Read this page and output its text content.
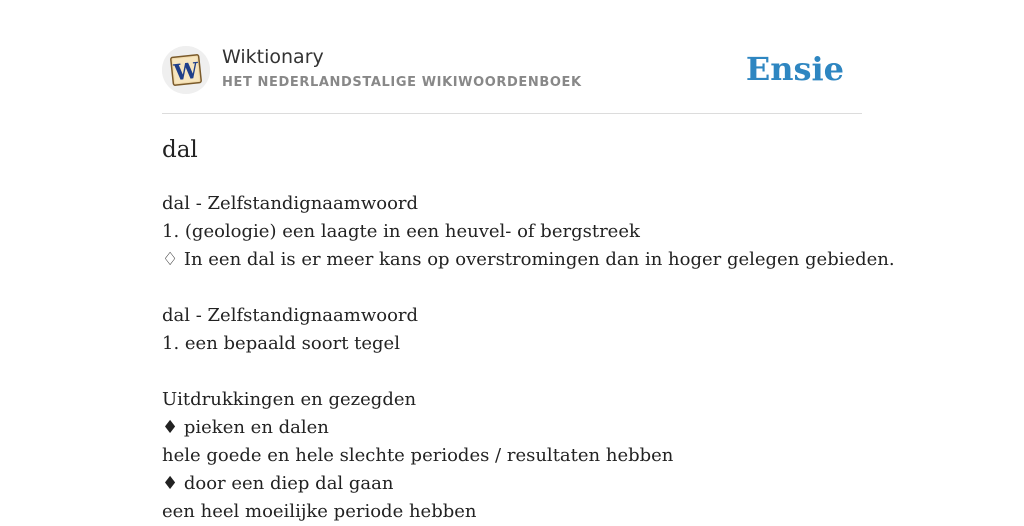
W
Wiktionary
HET NEDERLANDSTALIGE WIKIWOORDENBOEK	Ensie
dal
dal - Zelfstandignaamwoord
1. (geologie) een laagte in een heuvel- of bergstreek
♢ In een dal is er meer kans op overstromingen dan in hoger gelegen gebieden.
dal - Zelfstandignaamwoord
1. een bepaald soort tegel
Uitdrukkingen en gezegden
♦ pieken en dalen
hele goede en hele slechte periodes / resultaten hebben
♦ door een diep dal gaan
een heel moeilijke periode hebben
